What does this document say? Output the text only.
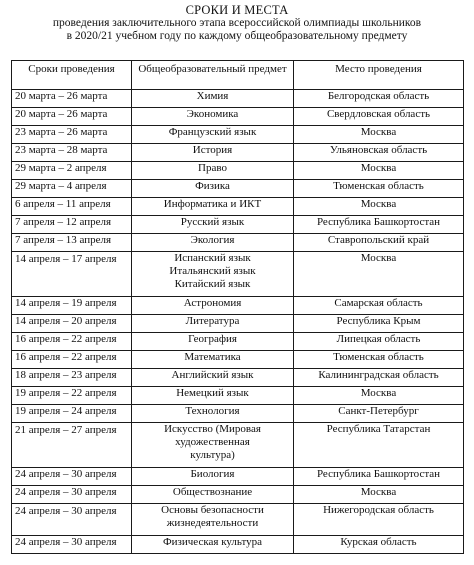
СРОКИ И МЕСТА
проведения заключительного этапа всероссийской олимпиады школьников
в 2020/21 учебном году по каждому общеобразовательному предмету
Сроки проведения	Общеобразовательный предмет	Место проведения
20 марта – 26 марта	Химия	Белгородская область
20 марта – 26 марта	Экономика	Свердловская область
23 марта – 26 марта	Французский язык	Москва
23 марта – 28 марта	История	Ульяновская область
29 марта – 2 апреля	Право	Москва
29 марта – 4 апреля	Физика	Тюменская область
6 апреля – 11 апреля	Информатика и ИКТ	Москва
7 апреля – 12 апреля	Русский язык	Республика Башкортостан
7 апреля – 13 апреля	Экология	Ставропольский край
14 апреля – 17 апреля	Испанский язык
Итальянский язык
Китайский язык	Москва
14 апреля – 19 апреля	Астрономия	Самарская область
14 апреля – 20 апреля	Литература	Республика Крым
16 апреля – 22 апреля	География	Липецкая область
16 апреля – 22 апреля	Математика	Тюменская область
18 апреля – 23 апреля	Английский язык	Калининградская область
19 апреля – 22 апреля	Немецкий язык	Москва
19 апреля – 24 апреля	Технология	Санкт-Петербург
21 апреля – 27 апреля	Искусство (Мировая
художественная
культура)	Республика Татарстан
24 апреля – 30 апреля	Биология	Республика Башкортостан
24 апреля – 30 апреля	Обществознание	Москва
24 апреля – 30 апреля	Основы безопасности
жизнедеятельности	Нижегородская область
24 апреля – 30 апреля	Физическая культура	Курская область
